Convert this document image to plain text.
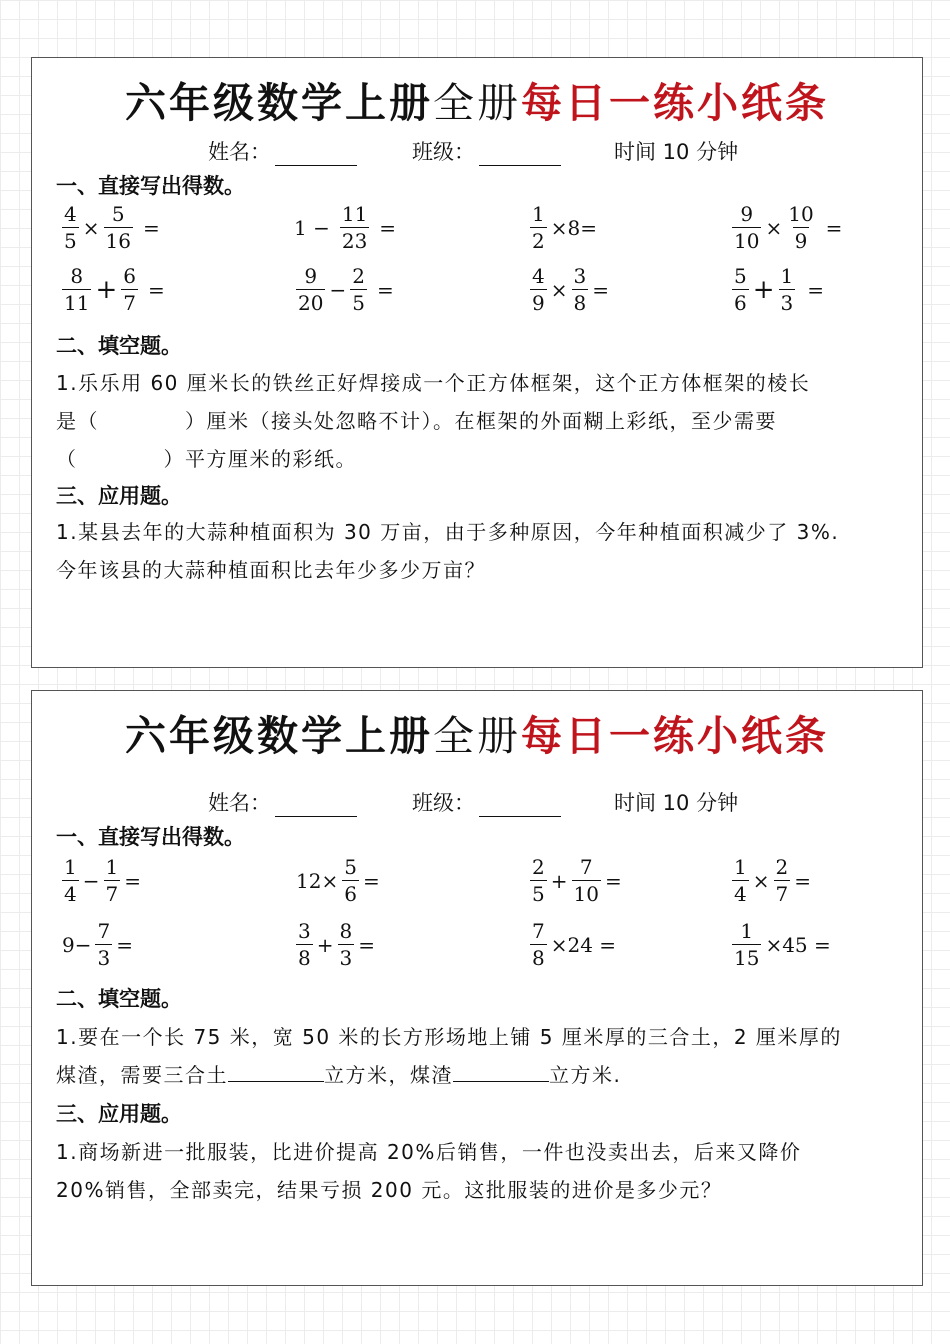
六年级数学上册全册每日一练小纸条
姓名：	班级：	时间 10 分钟
一、直接写出得数。
$\frac{4}{5} \times \frac{5}{16}$ =	$1 - \frac{11}{23}$ =	$\frac{1}{2} \times 8=$	$\frac{9}{10} \times \frac{10}{9}$ =
$\frac{8}{11} + \frac{6}{7}$ =	$\frac{9}{20} - \frac{2}{5}$ =	$\frac{4}{9} \times \frac{3}{8}$ =	$\frac{5}{6} + \frac{1}{3}$ =
二、填空题。

1.乐乐用 60 厘米长的铁丝正好焊接成一个正方体框架，这个正方体框架的棱长

是（　　　　）厘米（接头处忽略不计）。在框架的外面糊上彩纸，至少需要

（　　　　）平方厘米的彩纸。

三、应用题。

1.某县去年的大蒜种植面积为 30 万亩，由于多种原因，今年种植面积减少了 3%.

今年该县的大蒜种植面积比去年少多少万亩？

六年级数学上册全册每日一练小纸条
姓名：	班级：	时间 10 分钟
一、直接写出得数。
$\frac{1}{4} - \frac{1}{7}$ =	$12\times \frac{5}{6}$ =	$\frac{2}{5} + \frac{7}{10}$ =	$\frac{1}{4} \times \frac{2}{7}$ =
$9- \frac{7}{3}$ =	$\frac{3}{8} + \frac{8}{3}$ =	$\frac{7}{8} \times 24$ =	$\frac{1}{15} \times 45$ =
二、填空题。

1.要在一个长 75 米，宽 50 米的长方形场地上铺 5 厘米厚的三合土，2 厘米厚的

煤渣，需要三合土	立方米，煤渣	立方米.

三、应用题。

1.商场新进一批服装，比进价提高 20%后销售，一件也没卖出去，后来又降价

20%销售，全部卖完，结果亏损 200 元。这批服装的进价是多少元？
